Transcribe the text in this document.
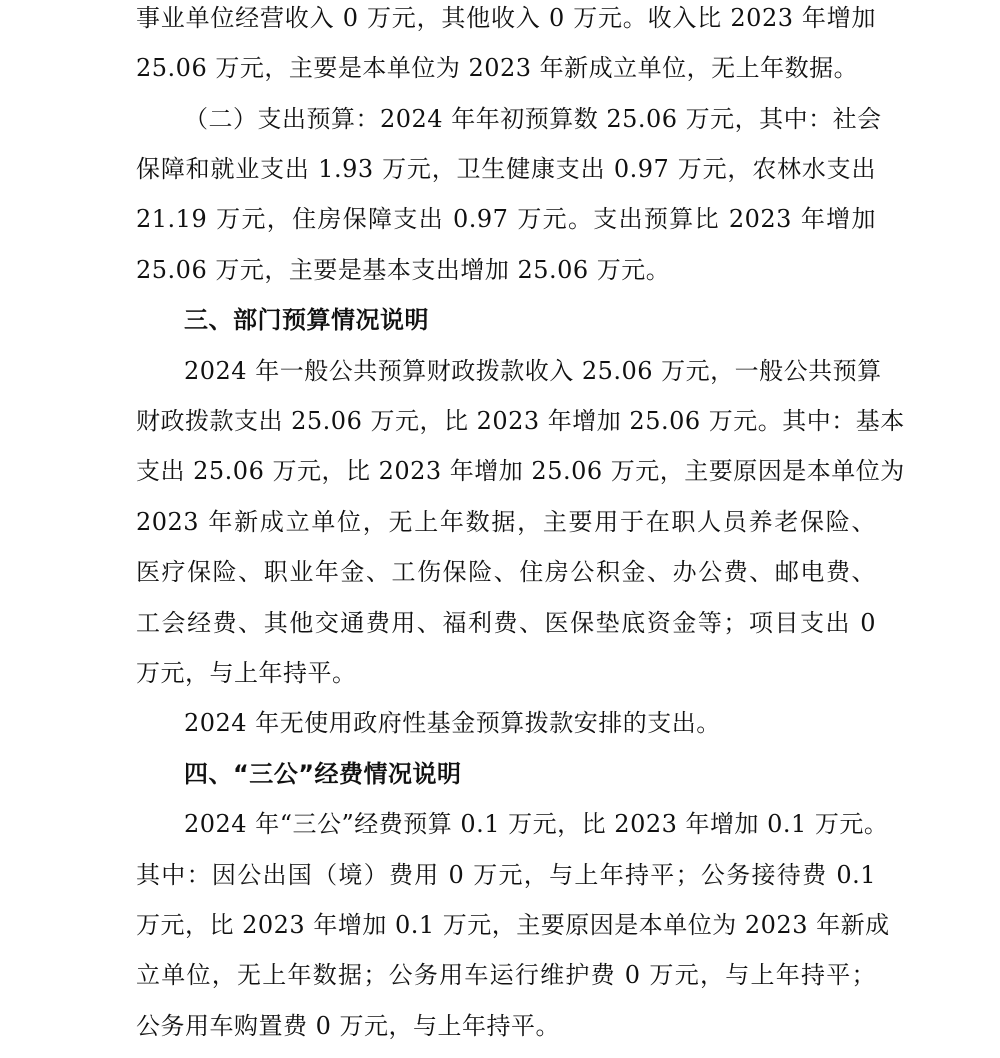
事业单位经营收入 0 万元，其他收入 0 万元。收入比 2023 年增加
25.06 万元，主要是本单位为 2023 年新成立单位，无上年数据。
（二）支出预算：2024 年年初预算数 25.06 万元，其中：社会
保障和就业支出 1.93 万元，卫生健康支出 0.97 万元，农林水支出
21.19 万元，住房保障支出 0.97 万元。支出预算比 2023 年增加
25.06 万元，主要是基本支出增加 25.06 万元。
三、部门预算情况说明
2024 年一般公共预算财政拨款收入 25.06 万元，一般公共预算
财政拨款支出 25.06 万元，比 2023 年增加 25.06 万元。其中：基本
支出 25.06 万元，比 2023 年增加 25.06 万元，主要原因是本单位为
2023 年新成立单位，无上年数据，主要用于在职人员养老保险、
医疗保险、职业年金、工伤保险、住房公积金、办公费、邮电费、
工会经费、其他交通费用、福利费、医保垫底资金等；项目支出 0
万元，与上年持平。
2024 年无使用政府性基金预算拨款安排的支出。
四、“三公”经费情况说明
2024 年“三公”经费预算 0.1 万元，比 2023 年增加 0.1 万元。
其中：因公出国（境）费用 0 万元，与上年持平；公务接待费 0.1
万元，比 2023 年增加 0.1 万元，主要原因是本单位为 2023 年新成
立单位，无上年数据；公务用车运行维护费 0 万元，与上年持平；
公务用车购置费 0 万元，与上年持平。
